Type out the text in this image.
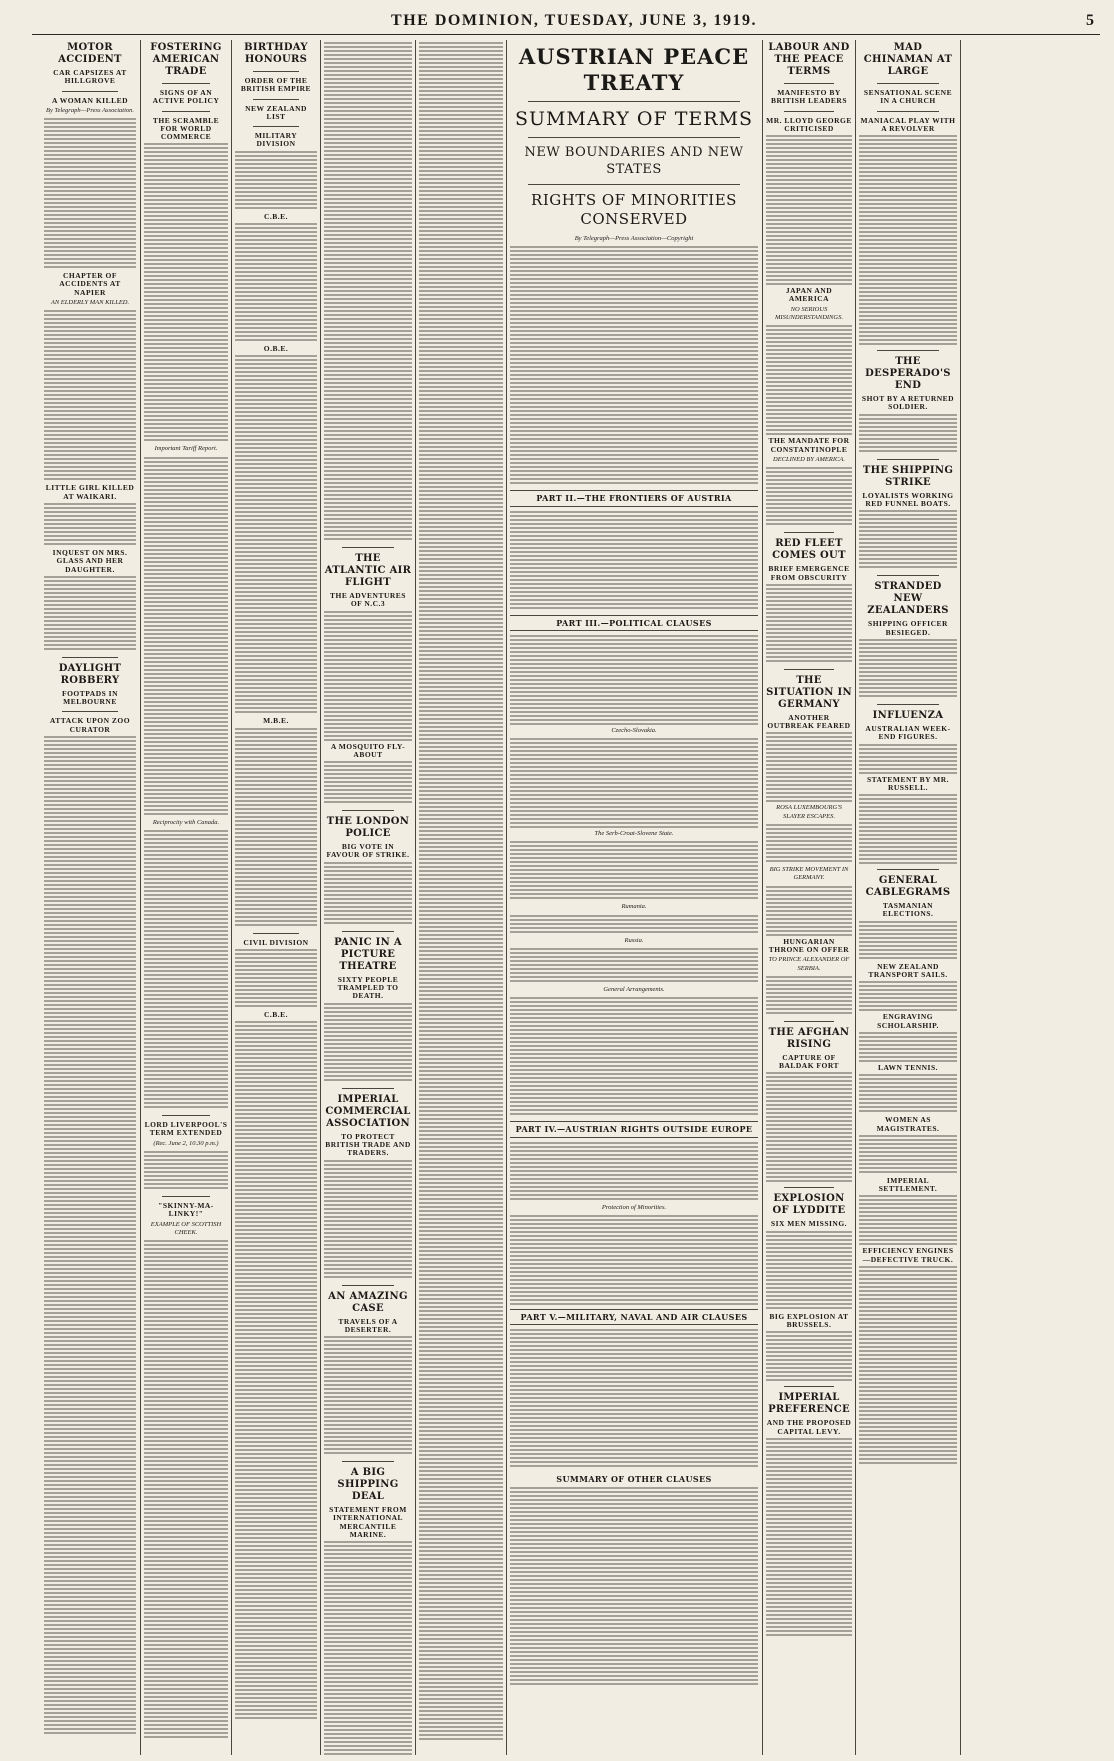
THE DOMINION, TUESDAY, JUNE 3, 1919.	5
MOTOR ACCIDENT
CAR CAPSIZES AT HILLGROVE
A WOMAN KILLED
By Telegraph—Press Association.
CHAPTER OF ACCIDENTS AT NAPIER
AN ELDERLY MAN KILLED.
LITTLE GIRL KILLED AT WAIKARI.
INQUEST ON MRS. GLASS AND HER DAUGHTER.
DAYLIGHT ROBBERY
FOOTPADS IN MELBOURNE
ATTACK UPON ZOO CURATOR
FOSTERING AMERICAN TRADE
SIGNS OF AN ACTIVE POLICY
THE SCRAMBLE FOR WORLD COMMERCE
Important Tariff Report.
Reciprocity with Canada.
LORD LIVERPOOL'S TERM EXTENDED
(Rec. June 2, 10.30 p.m.)
"SKINNY-MA-LINKY!"
EXAMPLE OF SCOTTISH CHEEK.
BIRTHDAY HONOURS
ORDER OF THE BRITISH EMPIRE
NEW ZEALAND LIST
MILITARY DIVISION
C.B.E.
O.B.E.
M.B.E.
CIVIL DIVISION
C.B.E.
THE ATLANTIC AIR FLIGHT
THE ADVENTURES OF N.C.3
A MOSQUITO FLY-ABOUT
THE LONDON POLICE
BIG VOTE IN FAVOUR OF STRIKE.
PANIC IN A PICTURE THEATRE
SIXTY PEOPLE TRAMPLED TO DEATH.
IMPERIAL COMMERCIAL ASSOCIATION
TO PROTECT BRITISH TRADE AND TRADERS.
AN AMAZING CASE
TRAVELS OF A DESERTER.
A BIG SHIPPING DEAL
STATEMENT FROM INTERNATIONAL MERCANTILE MARINE.
AUSTRIAN PEACE TREATY
SUMMARY OF TERMS
NEW BOUNDARIES AND NEW STATES
RIGHTS OF MINORITIES CONSERVED
By Telegraph—Press Association—Copyright
PART II.—THE FRONTIERS OF AUSTRIA
PART III.—POLITICAL CLAUSES
Czecho-Slovakia.
The Serb-Croat-Slovene State.
Rumania.
Russia.
General Arrangements.
PART IV.—AUSTRIAN RIGHTS OUTSIDE EUROPE
Protection of Minorities.
PART V.—MILITARY, NAVAL AND AIR CLAUSES
SUMMARY OF OTHER CLAUSES
LABOUR AND THE PEACE TERMS
MANIFESTO BY BRITISH LEADERS
MR. LLOYD GEORGE CRITICISED
JAPAN AND AMERICA
NO SERIOUS MISUNDERSTANDINGS.
THE MANDATE FOR CONSTANTINOPLE
DECLINED BY AMERICA.
RED FLEET COMES OUT
BRIEF EMERGENCE FROM OBSCURITY
THE SITUATION IN GERMANY
ANOTHER OUTBREAK FEARED
ROSA LUXEMBOURG'S SLAYER ESCAPES.
BIG STRIKE MOVEMENT IN GERMANY.
HUNGARIAN THRONE ON OFFER
TO PRINCE ALEXANDER OF SERBIA.
THE AFGHAN RISING
CAPTURE OF BALDAK FORT
EXPLOSION OF LYDDITE
SIX MEN MISSING.
BIG EXPLOSION AT BRUSSELS.
IMPERIAL PREFERENCE
AND THE PROPOSED CAPITAL LEVY.
MAD CHINAMAN AT LARGE
SENSATIONAL SCENE IN A CHURCH
MANIACAL PLAY WITH A REVOLVER
THE DESPERADO'S END
SHOT BY A RETURNED SOLDIER.
THE SHIPPING STRIKE
LOYALISTS WORKING RED FUNNEL BOATS.
STRANDED NEW ZEALANDERS
SHIPPING OFFICER BESIEGED.
INFLUENZA
AUSTRALIAN WEEK-END FIGURES.
STATEMENT BY MR. RUSSELL.
GENERAL CABLEGRAMS
TASMANIAN ELECTIONS.
NEW ZEALAND TRANSPORT SAILS.
ENGRAVING SCHOLARSHIP.
LAWN TENNIS.
WOMEN AS MAGISTRATES.
IMPERIAL SETTLEMENT.
EFFICIENCY ENGINES—DEFECTIVE TRUCK.
